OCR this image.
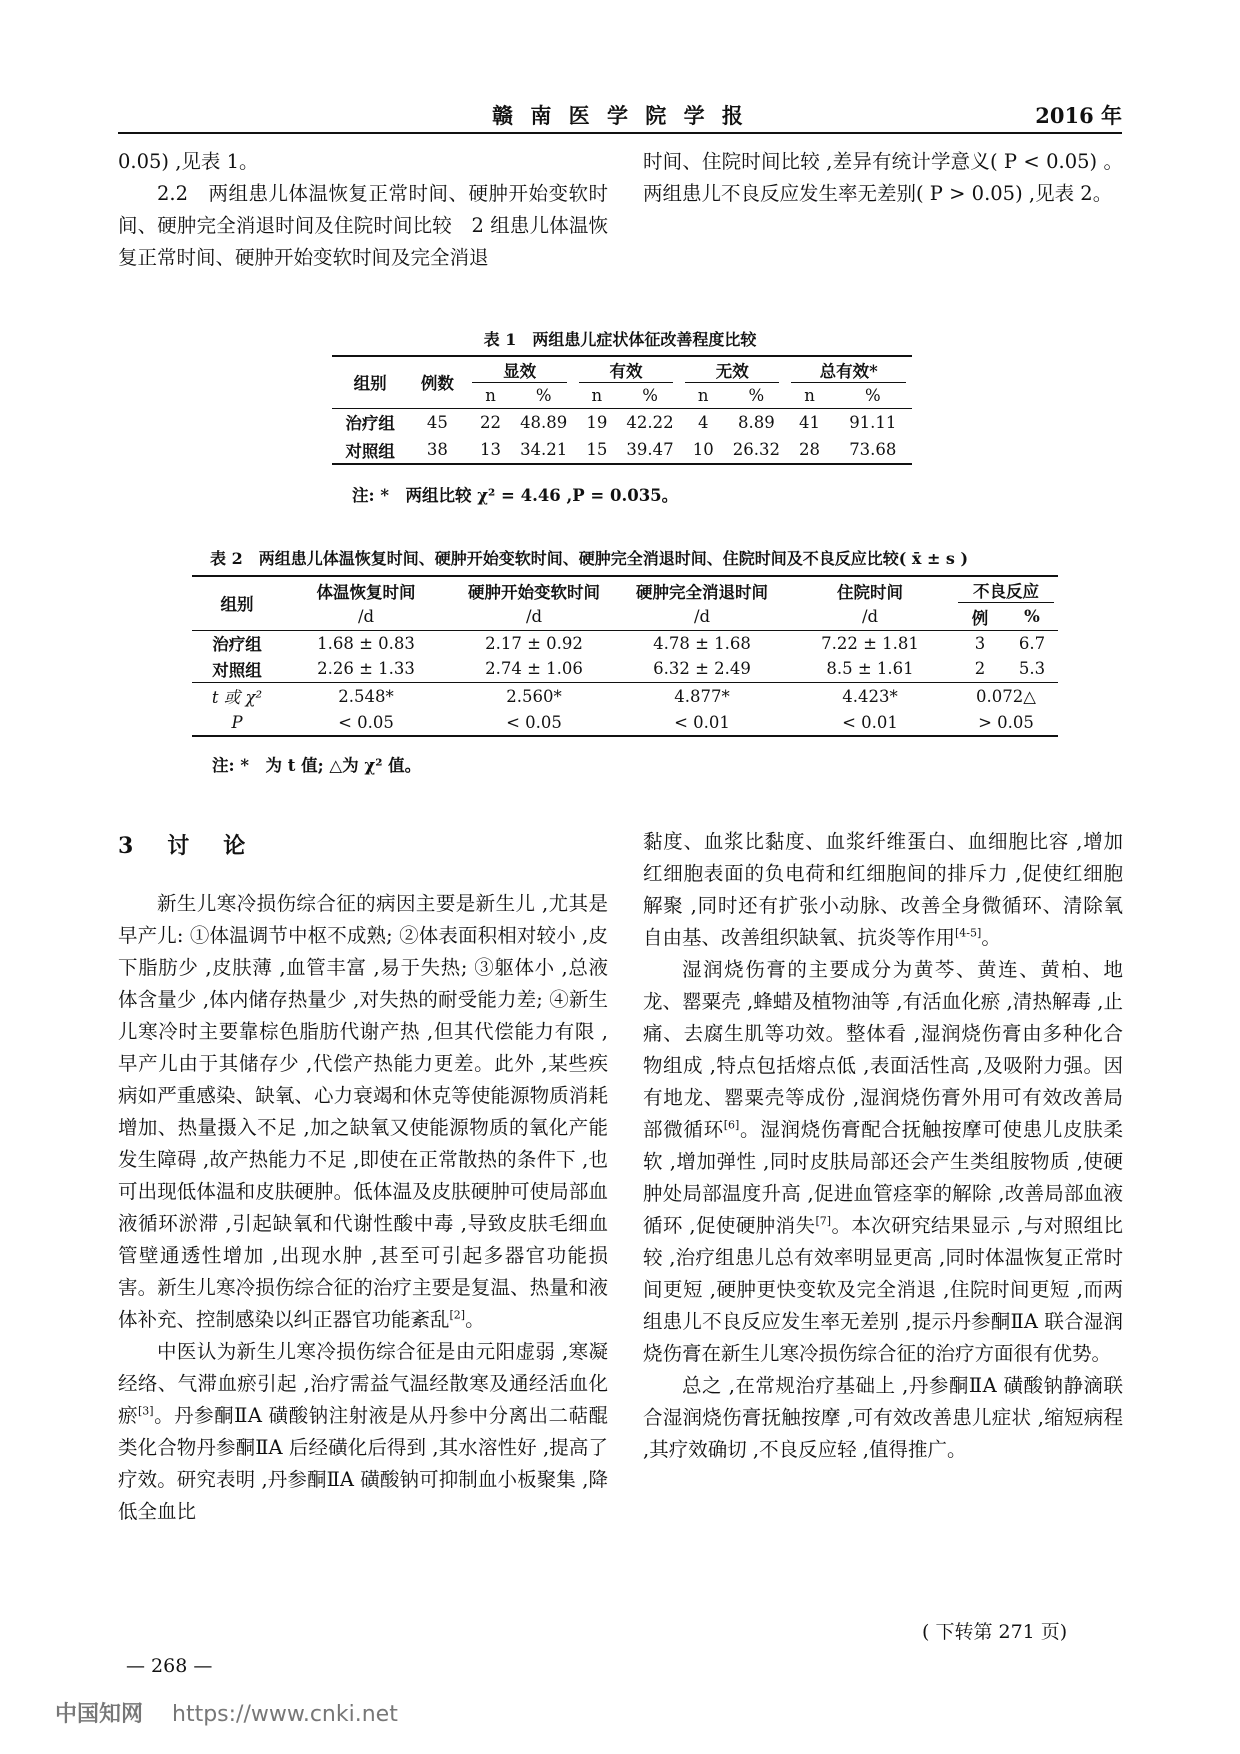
赣 南 医 学 院 学 报	2016 年

0.05) ,见表 1。

2.2　两组患儿体温恢复正常时间、硬肿开始变软时间、硬肿完全消退时间及住院时间比较　2 组患儿体温恢复正常时间、硬肿开始变软时间及完全消退

时间、住院时间比较 ,差异有统计学意义( P < 0.05) 。两组患儿不良反应发生率无差别( P > 0.05) ,见表 2。

表 1　两组患儿症状体征改善程度比较
组别	例数	显效		有效		无效		总有效*	

		n	%	n	%	n	%	n	%
治疗组	45	22	48.89	19	42.22	4	8.89	41	91.11
对照组	38	13	34.21	15	39.47	10	26.32	28	73.68
注: *　两组比较 χ² = 4.46 ,P = 0.035。
表 2　两组患儿体温恢复时间、硬肿开始变软时间、硬肿完全消退时间、住院时间及不良反应比较( x̄ ± s )
组别	体温恢复时间	硬肿开始变软时间	硬肿完全消退时间	住院时间	不良反应	

	/d	/d	/d	/d	例	%
治疗组	1.68 ± 0.83	2.17 ± 0.92	4.78 ± 1.68	7.22 ± 1.81	3	6.7
对照组	2.26 ± 1.33	2.74 ± 1.06	6.32 ± 2.49	8.5 ± 1.61	2	5.3
t 或 χ²	2.548*	2.560*	4.877*	4.423*	0.072△	
P	< 0.05	< 0.05	< 0.01	< 0.01	> 0.05	
注: *　为 t 值; △为 χ² 值。
3　讨　论

新生儿寒冷损伤综合征的病因主要是新生儿 ,尤其是早产儿: ①体温调节中枢不成熟; ②体表面积相对较小 ,皮下脂肪少 ,皮肤薄 ,血管丰富 ,易于失热; ③躯体小 ,总液体含量少 ,体内储存热量少 ,对失热的耐受能力差; ④新生儿寒冷时主要靠棕色脂肪代谢产热 ,但其代偿能力有限 ,早产儿由于其储存少 ,代偿产热能力更差。此外 ,某些疾病如严重感染、缺氧、心力衰竭和休克等使能源物质消耗增加、热量摄入不足 ,加之缺氧又使能源物质的氧化产能发生障碍 ,故产热能力不足 ,即使在正常散热的条件下 ,也可出现低体温和皮肤硬肿。低体温及皮肤硬肿可使局部血液循环淤滞 ,引起缺氧和代谢性酸中毒 ,导致皮肤毛细血管壁通透性增加 ,出现水肿 ,甚至可引起多器官功能损害。新生儿寒冷损伤综合征的治疗主要是复温、热量和液体补充、控制感染以纠正器官功能紊乱[2]。

中医认为新生儿寒冷损伤综合征是由元阳虚弱 ,寒凝经络、气滞血瘀引起 ,治疗需益气温经散寒及通经活血化瘀[3]。丹参酮ⅡA 磺酸钠注射液是从丹参中分离出二萜醌类化合物丹参酮ⅡA 后经磺化后得到 ,其水溶性好 ,提高了疗效。研究表明 ,丹参酮ⅡA 磺酸钠可抑制血小板聚集 ,降低全血比

黏度、血浆比黏度、血浆纤维蛋白、血细胞比容 ,增加红细胞表面的负电荷和红细胞间的排斥力 ,促使红细胞解聚 ,同时还有扩张小动脉、改善全身微循环、清除氧自由基、改善组织缺氧、抗炎等作用[4-5]。

湿润烧伤膏的主要成分为黄芩、黄连、黄柏、地龙、罂粟壳 ,蜂蜡及植物油等 ,有活血化瘀 ,清热解毒 ,止痛、去腐生肌等功效。整体看 ,湿润烧伤膏由多种化合物组成 ,特点包括熔点低 ,表面活性高 ,及吸附力强。因有地龙、罂粟壳等成份 ,湿润烧伤膏外用可有效改善局部微循环[6]。湿润烧伤膏配合抚触按摩可使患儿皮肤柔软 ,增加弹性 ,同时皮肤局部还会产生类组胺物质 ,使硬肿处局部温度升高 ,促进血管痉挛的解除 ,改善局部血液循环 ,促使硬肿消失[7]。本次研究结果显示 ,与对照组比较 ,治疗组患儿总有效率明显更高 ,同时体温恢复正常时间更短 ,硬肿更快变软及完全消退 ,住院时间更短 ,而两组患儿不良反应发生率无差别 ,提示丹参酮ⅡA 联合湿润烧伤膏在新生儿寒冷损伤综合征的治疗方面很有优势。

总之 ,在常规治疗基础上 ,丹参酮ⅡA 磺酸钠静滴联合湿润烧伤膏抚触按摩 ,可有效改善患儿症状 ,缩短病程 ,其疗效确切 ,不良反应轻 ,值得推广。

( 下转第 271 页)
— 268 —
中国知网 https://www.cnki.net
